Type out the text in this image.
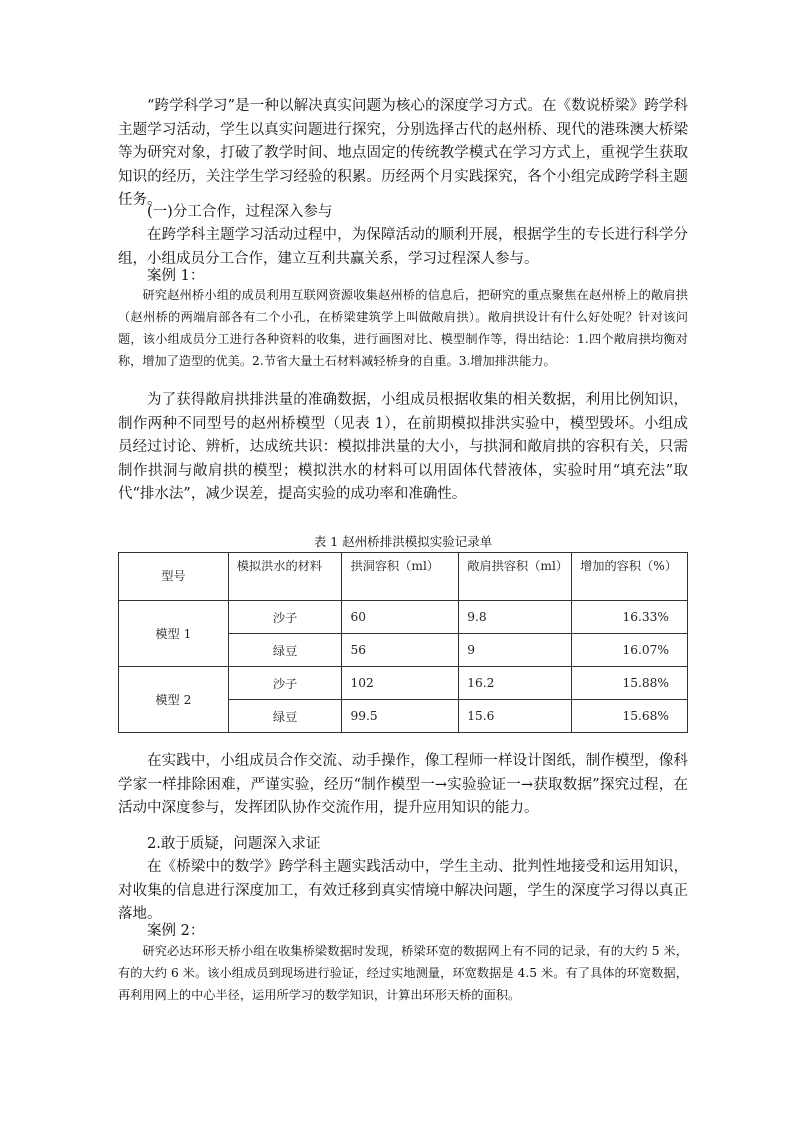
“跨学科学习”是一种以解决真实问题为核心的深度学习方式。在《数说桥梁》跨学科主题学习活动，学生以真实问题进行探究，分别选择古代的赵州桥、现代的港珠澳大桥梁等为研究对象，打破了教学时间、地点固定的传统教学模式在学习方式上，重视学生获取知识的经历，关注学生学习经验的积累。历经两个月实践探究，各个小组完成跨学科主题任务。

(一)分工合作，过程深入参与

在跨学科主题学习活动过程中，为保障活动的顺利开展，根据学生的专长进行科学分组，小组成员分工合作，建立互利共赢关系，学习过程深人参与。

案例 1：

研究赵州桥小组的成员利用互联网资源收集赵州桥的信息后，把研究的重点聚焦在赵州桥上的敞肩拱（赵州桥的两端肩部各有二个小孔，在桥梁建筑学上叫做敞肩拱）。敞肩拱设计有什么好处呢？针对该问题，该小组成员分工进行各种资料的收集，进行画图对比、模型制作等，得出结论：1.四个敞肩拱均衡对称，增加了造型的优美。2.节省大量土石材料减轻桥身的自重。3.增加排洪能力。

为了获得敞肩拱排洪量的准确数据，小组成员根据收集的相关数据，利用比例知识，制作两种不同型号的赵州桥模型（见表 1），在前期模拟排洪实验中，模型毁坏。小组成员经过讨论、辨析，达成统共识：模拟排洪量的大小，与拱洞和敞肩拱的容积有关，只需制作拱洞与敞肩拱的模型；模拟洪水的材料可以用固体代替液体，实验时用“填充法”取代“排水法”，减少误差，提高实验的成功率和准确性。

表 1 赵州桥排洪模拟实验记录单
型号	模拟洪水的材料	拱洞容积（ml）	敞肩拱容积（ml）	增加的容积（%）
模型 1	沙子	60	9.8	16.33%
	绿豆	56	9	16.07%
模型 2	沙子	102	16.2	15.88%
	绿豆	99.5	15.6	15.68%

在实践中，小组成员合作交流、动手操作，像工程师一样设计图纸，制作模型，像科学家一样排除困难，严谨实验，经历“制作模型一→实验验证一→获取数据”探究过程，在活动中深度参与，发挥团队协作交流作用，提升应用知识的能力。

2.敢于质疑，问题深入求证

在《桥梁中的数学》跨学科主题实践活动中，学生主动、批判性地接受和运用知识，对收集的信息进行深度加工，有效迁移到真实情境中解决问题，学生的深度学习得以真正落地。

案例 2：

研究必达环形天桥小组在收集桥梁数据时发现，桥梁环宽的数据网上有不同的记录，有的大约 5 米，有的大约 6 米。该小组成员到现场进行验证，经过实地测量，环宽数据是 4.5 米。有了具体的环宽数据，再利用网上的中心半径，运用所学习的数学知识，计算出环形天桥的面积。
